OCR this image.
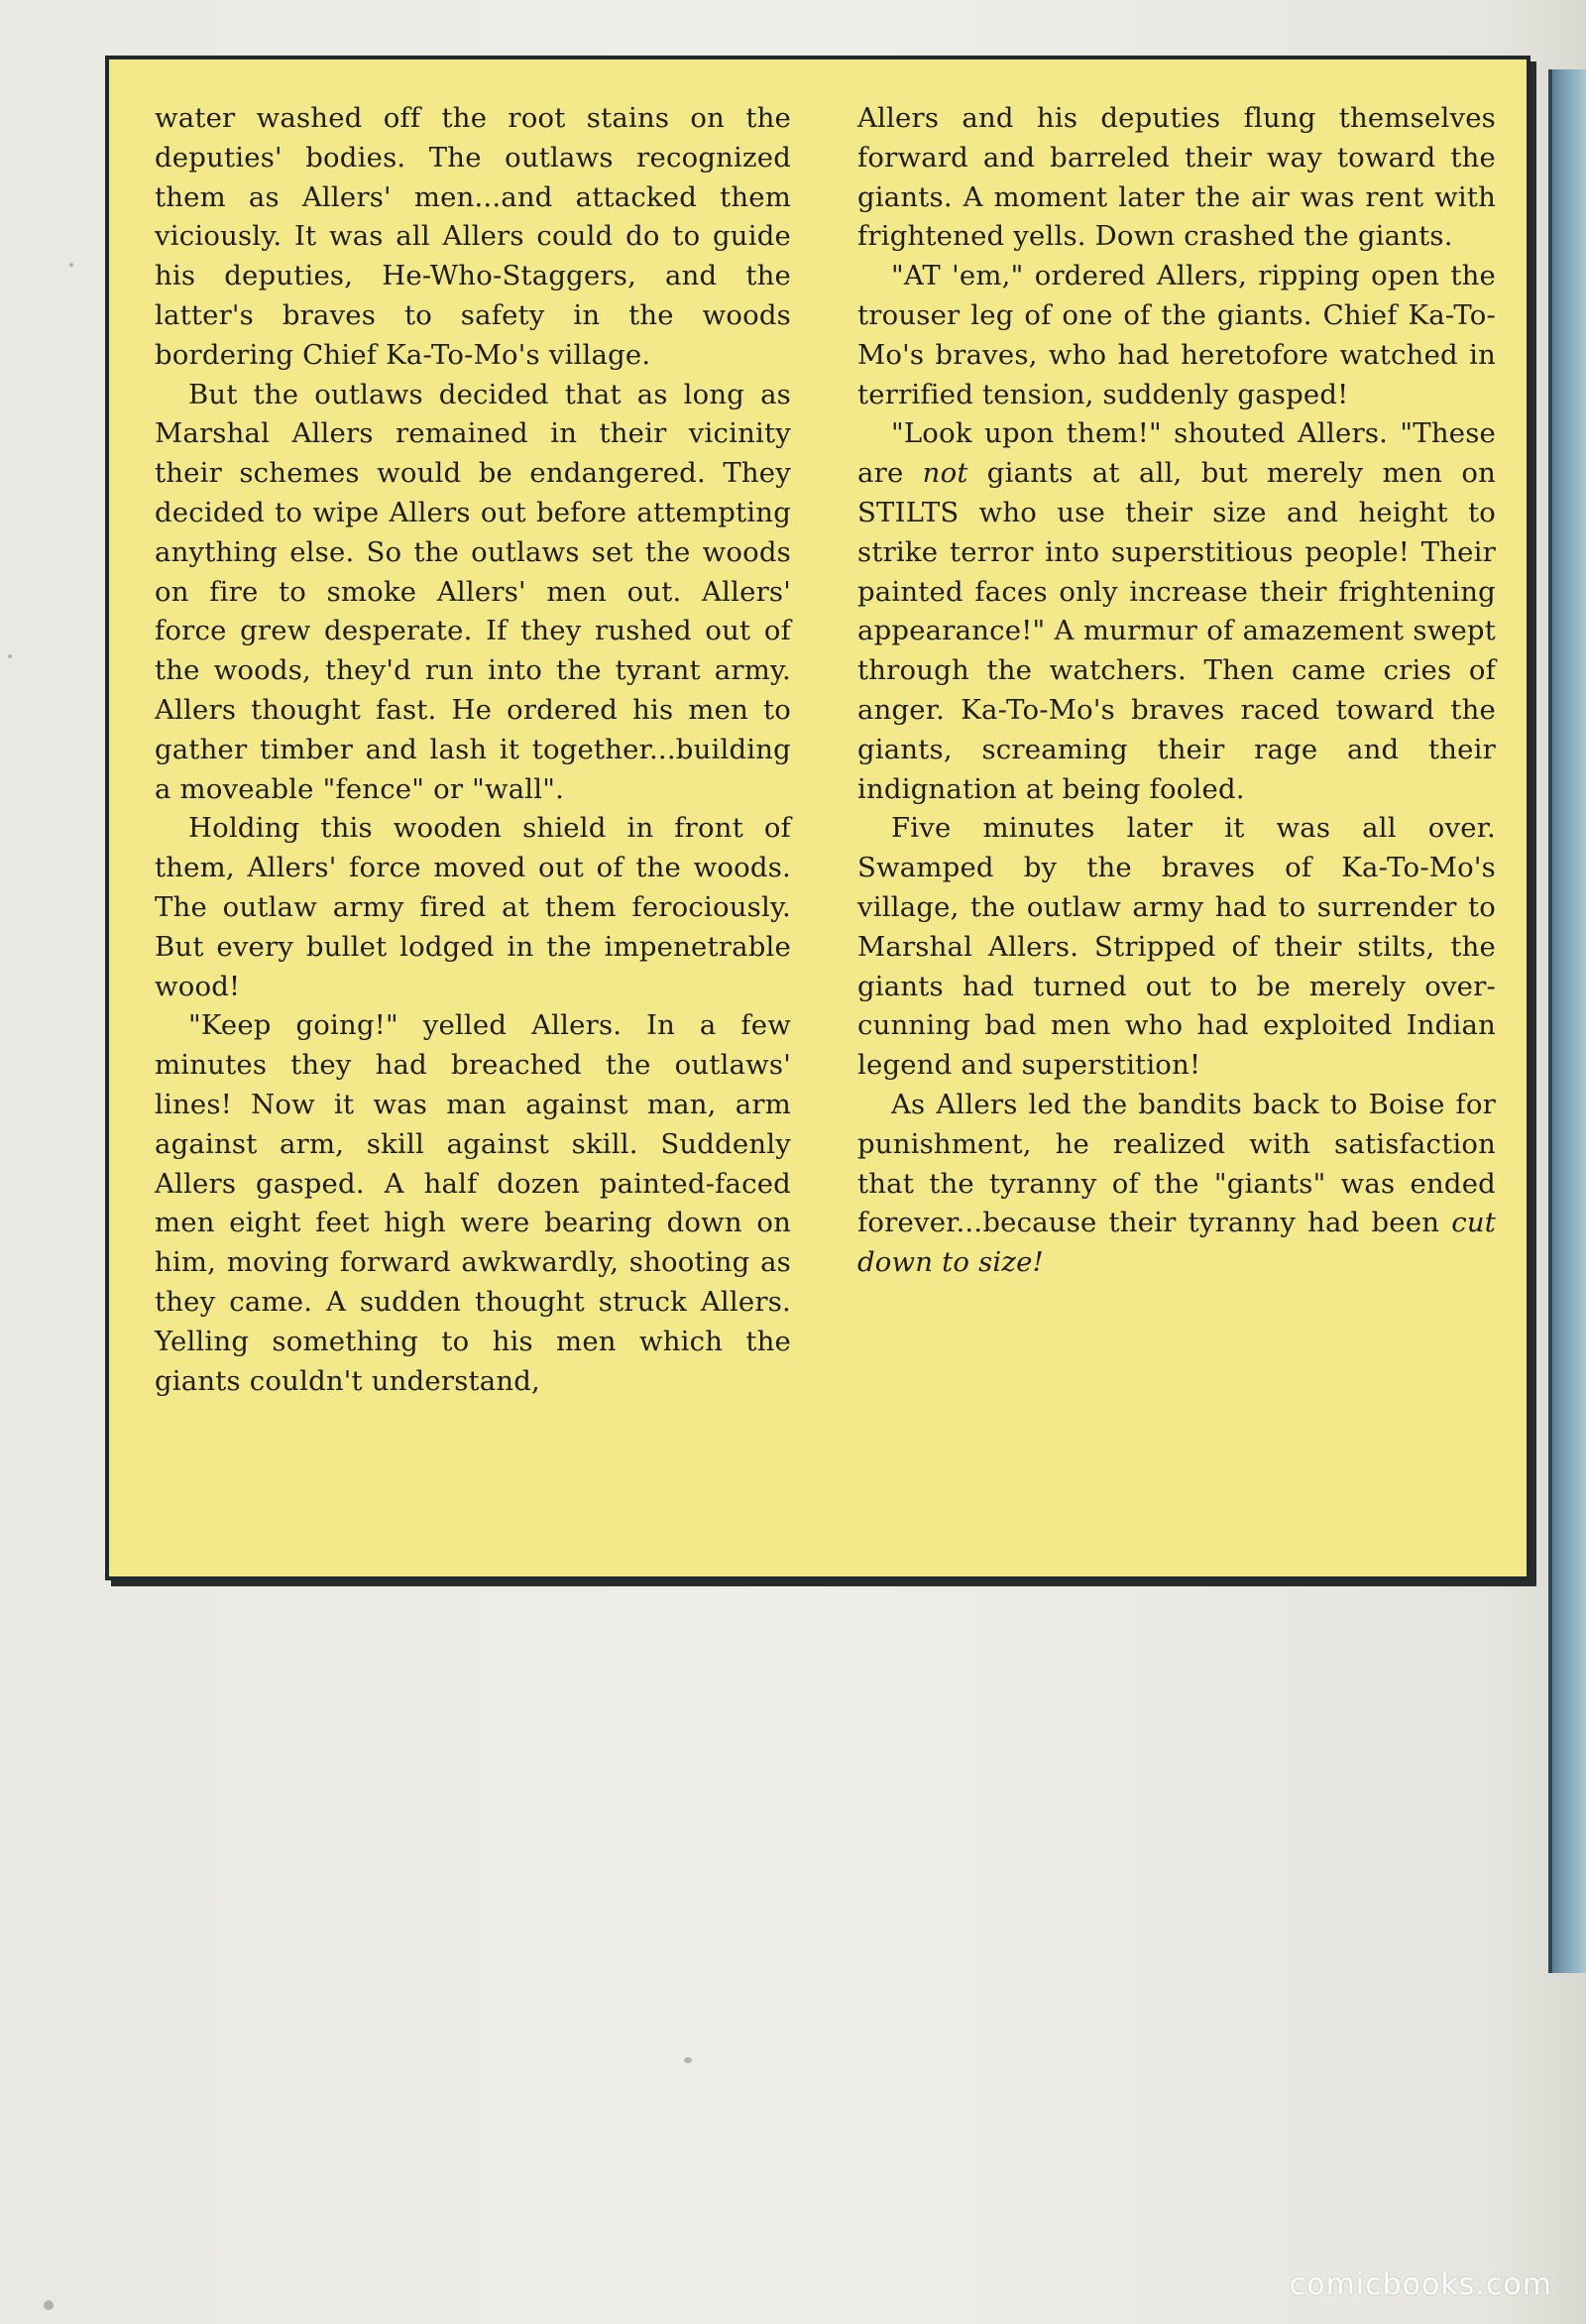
water washed off the root stains on the deputies' bodies. The outlaws recognized them as Allers' men...and attacked them viciously. It was all Allers could do to guide his deputies, He-Who-Staggers, and the latter's braves to safety in the woods bordering Chief Ka-To-Mo's village.

But the outlaws decided that as long as Marshal Allers remained in their vicinity their schemes would be endangered. They decided to wipe Allers out before attempting anything else. So the outlaws set the woods on fire to smoke Allers' men out. Allers' force grew desperate. If they rushed out of the woods, they'd run into the tyrant army. Allers thought fast. He ordered his men to gather timber and lash it together...building a moveable "fence" or "wall".

Holding this wooden shield in front of them, Allers' force moved out of the woods. The outlaw army fired at them ferociously. But every bullet lodged in the impenetrable wood!

"Keep going!" yelled Allers. In a few minutes they had breached the outlaws' lines! Now it was man against man, arm against arm, skill against skill. Suddenly Allers gasped. A half dozen painted-faced men eight feet high were bearing down on him, moving forward awkwardly, shooting as they came. A sudden thought struck Allers. Yelling something to his men which the giants couldn't understand,

Allers and his deputies flung themselves forward and barreled their way toward the giants. A moment later the air was rent with frightened yells. Down crashed the giants.

"AT 'em," ordered Allers, ripping open the trouser leg of one of the giants. Chief Ka-To-Mo's braves, who had heretofore watched in terrified tension, suddenly gasped!

"Look upon them!" shouted Allers. "These are not giants at all, but merely men on STILTS who use their size and height to strike terror into superstitious people! Their painted faces only increase their frightening appearance!" A murmur of amazement swept through the watchers. Then came cries of anger. Ka-To-Mo's braves raced toward the giants, screaming their rage and their indignation at being fooled.

Five minutes later it was all over. Swamped by the braves of Ka-To-Mo's village, the outlaw army had to surrender to Marshal Allers. Stripped of their stilts, the giants had turned out to be merely over-cunning bad men who had exploited Indian legend and superstition!

As Allers led the bandits back to Boise for punishment, he realized with satisfaction that the tyranny of the "giants" was ended forever...because their tyranny had been cut down to size!

comicbooks.com
